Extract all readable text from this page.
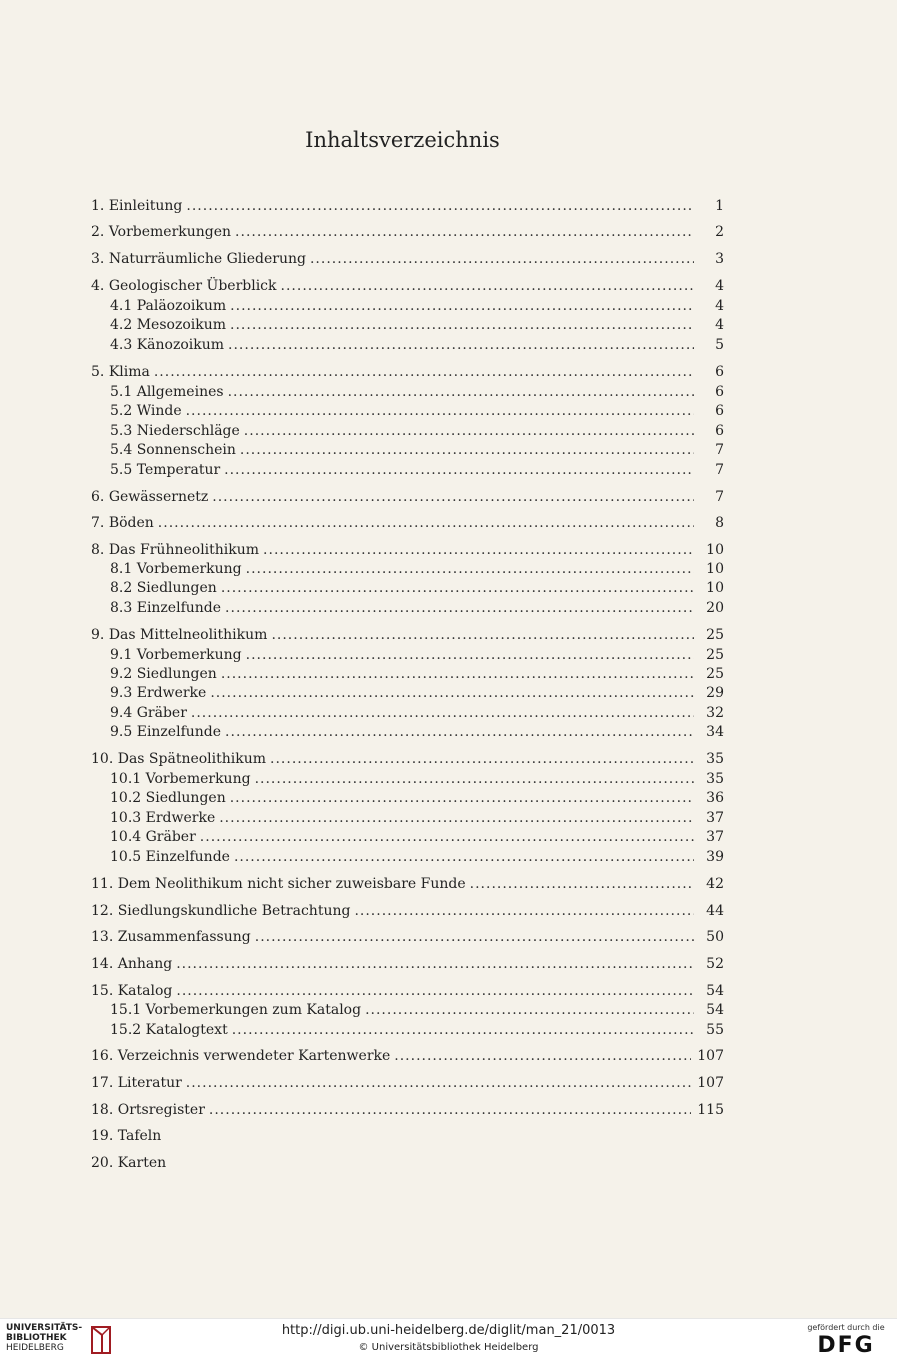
Inhaltsverzeichnis
1. Einleitung .....	1
2. Vorbemerkungen .....	2
3. Naturräumliche Gliederung .....	3
4. Geologischer Überblick .....	4
4.1 Paläozoikum .....	4
4.2 Mesozoikum .....	4
4.3 Känozoikum .....	5
5. Klima .....	6
5.1 Allgemeines .....	6
5.2 Winde .....	6
5.3 Niederschläge .....	6
5.4 Sonnenschein .....	7
5.5 Temperatur .....	7
6. Gewässernetz .....	7
7. Böden .....	8
8. Das Frühneolithikum .....	10
8.1 Vorbemerkung .....	10
8.2 Siedlungen .....	10
8.3 Einzelfunde .....	20
9. Das Mittelneolithikum .....	25
9.1 Vorbemerkung .....	25
9.2 Siedlungen .....	25
9.3 Erdwerke .....	29
9.4 Gräber .....	32
9.5 Einzelfunde .....	34
10. Das Spätneolithikum .....	35
10.1 Vorbemerkung .....	35
10.2 Siedlungen .....	36
10.3 Erdwerke .....	37
10.4 Gräber .....	37
10.5 Einzelfunde .....	39
11. Dem Neolithikum nicht sicher zuweisbare Funde .....	42
12. Siedlungskundliche Betrachtung .....	44
13. Zusammenfassung .....	50
14. Anhang .....	52
15. Katalog .....	54
15.1 Vorbemerkungen zum Katalog .....	54
15.2 Katalogtext .....	55
16. Verzeichnis verwendeter Kartenwerke .....	107
17. Literatur .....	107
18. Ortsregister .....	115
19. Tafeln
20. Karten
UNIVERSITÄTS-
BIBLIOTHEK
HEIDELBERG
http://digi.ub.uni-heidelberg.de/diglit/man_21/0013
© Universitätsbibliothek Heidelberg
gefördert durch die
DFG
